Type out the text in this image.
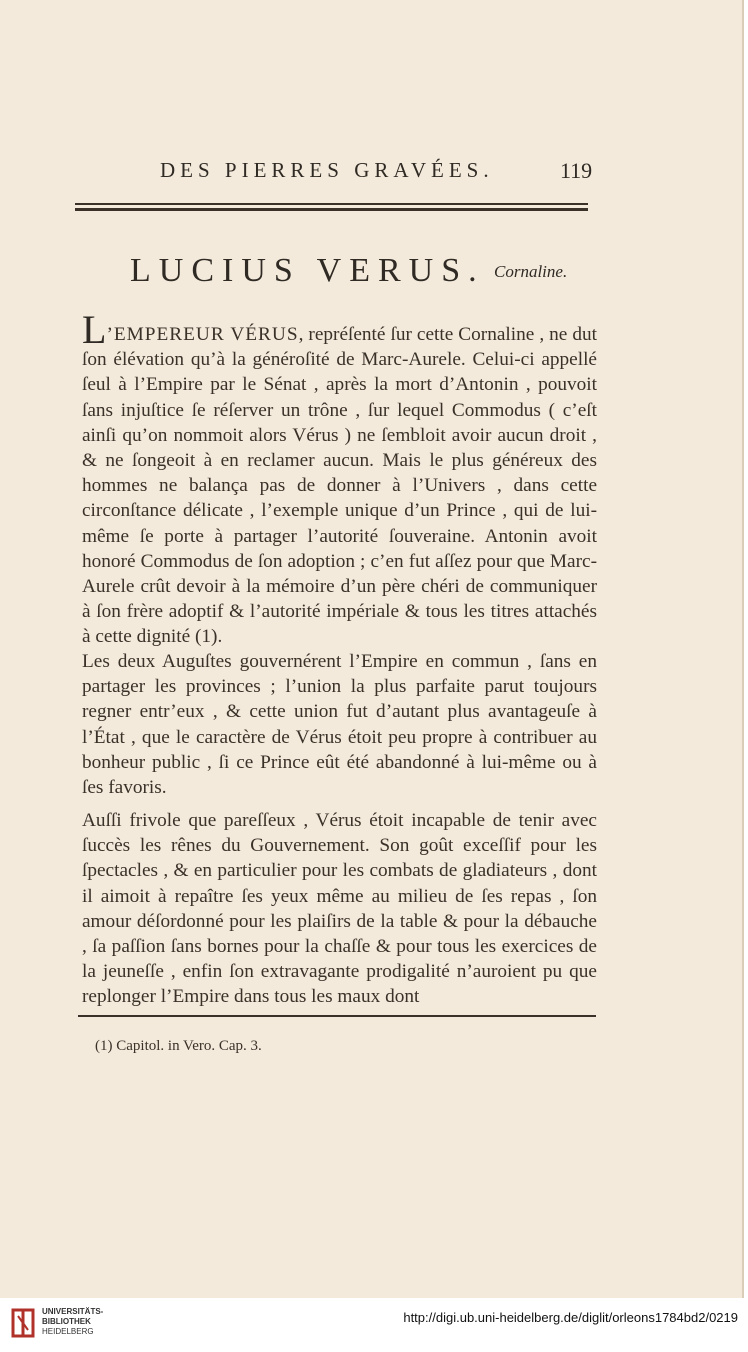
DES PIERRES GRAVÉES.	119
LUCIUS VERUS. Cornaline.
L’EMPEREUR VÉRUS, repréſenté ſur cette Cornaline , ne dut ſon élévation qu’à la généroſité de Marc-Aurele. Celui-ci appellé ſeul à l’Empire par le Sénat , après la mort d’Antonin , pouvoit ſans injuſtice ſe réſerver un trône , ſur lequel Commodus ( c’eſt ainſi qu’on nommoit alors Vérus ) ne ſembloit avoir aucun droit , & ne ſongeoit à en reclamer aucun. Mais le plus généreux des hommes ne balança pas de donner à l’Univers , dans cette circonſtance délicate , l’exemple unique d’un Prince , qui de lui-même ſe porte à partager l’autorité ſouveraine. Antonin avoit honoré Commodus de ſon adoption ; c’en fut aſſez pour que Marc-Aurele crût devoir à la mémoire d’un père chéri de communiquer à ſon frère adoptif & l’autorité impériale & tous les titres attachés à cette dignité (1).
Les deux Auguſtes gouvernérent l’Empire en commun , ſans en partager les provinces ; l’union la plus parfaite parut toujours regner entr’eux , & cette union fut d’autant plus avantageuſe à l’État , que le caractère de Vérus étoit peu propre à contribuer au bonheur public , ſi ce Prince eût été abandonné à lui-même ou à ſes favoris.
Auſſi frivole que pareſſeux , Vérus étoit incapable de tenir avec ſuccès les rênes du Gouvernement. Son goût exceſſif pour les ſpectacles , & en particulier pour les combats de gladiateurs , dont il aimoit à repaître ſes yeux même au milieu de ſes repas , ſon amour déſordonné pour les plaiſirs de la table & pour la débauche , ſa paſſion ſans bornes pour la chaſſe & pour tous les exercices de la jeuneſſe , enfin ſon extravagante prodigalité n’auroient pu que replonger l’Empire dans tous les maux dont
(1) Capitol. in Vero. Cap. 3.
UNIVERSITÄTS-
BIBLIOTHEK
HEIDELBERG
http://digi.ub.uni-heidelberg.de/diglit/orleons1784bd2/0219
